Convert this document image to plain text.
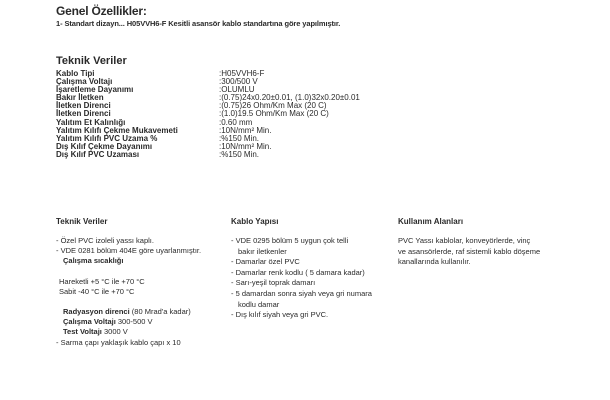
Genel Özellikler:
1- Standart dizayn... H05VVH6-F Kesitli asansör kablo standartına göre yapılmıştır.
Teknik Veriler
Kablo Tipi	:H05VVH6-F
Çalışma Voltajı	:300/500 V
İşaretleme Dayanımı	:OLUMLU
Bakır İletken	:(0.75)24x0.20±0.01, (1.0)32x0.20±0.01
İletken Direnci	:(0.75)26 Ohm/Km Max (20 C)
İletken Direnci	:(1.0)19.5 Ohm/Km Max (20 C)
Yalıtım Et Kalınlığı	:0.60 mm
Yalıtım Kılıfı Çekme Mukavemeti	:10N/mm² Min.
Yalıtım Kılıfı PVC Uzama %	:%150 Min.
Dış Kılıf Çekme Dayanımı	:10N/mm² Min.
Dış Kılıf PVC Uzaması	:%150 Min.
Teknik Veriler
- Özel PVC izoleli yassı kaplı.
- VDE 0281 bölüm 404E göre uyarlanmıştır.
Çalışma sıcaklığı
Hareketli +5 °C ile +70 °C
Sabit -40 °C ile +70 °C
Radyasyon direnci (80 Mrad'a kadar)
Çalışma Voltajı 300-500 V
Test Voltajı 3000 V
- Sarma çapı yaklaşık kablo çapı x 10
Kablo Yapısı
- VDE 0295 bölüm 5 uygun çok telli
bakır iletkenler
- Damarlar özel PVC
- Damarlar renk kodlu ( 5 damara kadar)
- Sarı-yeşil toprak damarı
- 5 damardan sonra siyah veya gri numara
kodlu damar
- Dış kılıf siyah veya gri PVC.
Kullanım Alanları
PVC Yassı kablolar, konveyörlerde, vinç
ve asansörlerde, raf sistemli kablo döşeme
kanallarında kullanılır.
